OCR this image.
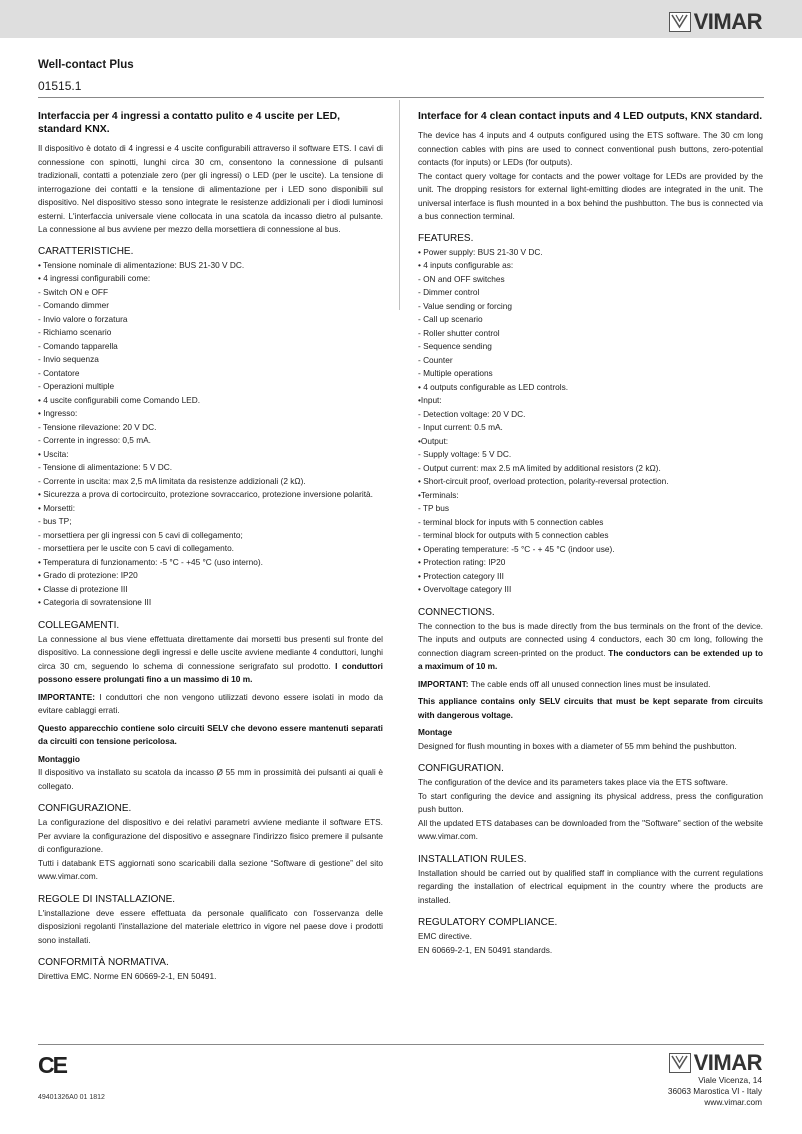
VIMAR
Well-contact Plus
01515.1
Interfaccia per 4 ingressi a contatto pulito e 4 uscite per LED, standard KNX.

Il dispositivo è dotato di 4 ingressi e 4 uscite configurabili attraverso il software ETS. I cavi di connessione con spinotti, lunghi circa 30 cm, consentono la connessione di pulsanti tradizionali, contatti a potenziale zero (per gli ingressi) o LED (per le uscite). La tensione di interrogazione dei contatti e la tensione di alimentazione per i LED sono disponibili sul dispositivo. Nel dispositivo stesso sono integrate le resistenze addizionali per i diodi luminosi esterni. L'interfaccia universale viene collocata in una scatola da incasso dietro al pulsante. La connessione al bus avviene per mezzo della morsettiera di connessione al bus.

CARATTERISTICHE.
• Tensione nominale di alimentazione: BUS 21-30 V DC.
• 4 ingressi configurabili come:
- Switch ON e OFF
- Comando dimmer
- Invio valore o forzatura
- Richiamo scenario
- Comando tapparella
- Invio sequenza
- Contatore
- Operazioni multiple
• 4 uscite configurabili come Comando LED.
• Ingresso:
- Tensione rilevazione: 20 V DC.
- Corrente in ingresso: 0,5 mA.
• Uscita:
- Tensione di alimentazione: 5 V DC.
- Corrente in uscita: max 2,5 mA limitata da resistenze addizionali (2 kΩ).
• Sicurezza a prova di cortocircuito, protezione sovraccarico, protezione inversione polarità.
• Morsetti:
- bus TP;
- morsettiera per gli ingressi con 5 cavi di collegamento;
- morsettiera per le uscite con 5 cavi di collegamento.
• Temperatura di funzionamento: -5 °C - +45 °C (uso interno).
• Grado di protezione: IP20
• Classe di protezione III
• Categoria di sovratensione III
COLLEGAMENTI.

La connessione al bus viene effettuata direttamente dai morsetti bus presenti sul fronte del dispositivo. La connessione degli ingressi e delle uscite avviene mediante 4 conduttori, lunghi circa 30 cm, seguendo lo schema di connessione serigrafato sul prodotto. I conduttori possono essere prolungati fino a un massimo di 10 m.

IMPORTANTE: I conduttori che non vengono utilizzati devono essere isolati in modo da evitare cablaggi errati.

Questo apparecchio contiene solo circuiti SELV che devono essere mantenuti separati da circuiti con tensione pericolosa.

Montaggio

Il dispositivo va installato su scatola da incasso Ø 55 mm in prossimità dei pulsanti ai quali è collegato.

CONFIGURAZIONE.

La configurazione del dispositivo e dei relativi parametri avviene mediante il software ETS. Per avviare la configurazione del dispositivo e assegnare l'indirizzo fisico premere il pulsante di configurazione.

Tutti i databank ETS aggiornati sono scaricabili dalla sezione “Software di gestione” del sito www.vimar.com.

REGOLE DI INSTALLAZIONE.

L'installazione deve essere effettuata da personale qualificato con l'osservanza delle disposizioni regolanti l'installazione del materiale elettrico in vigore nel paese dove i prodotti sono installati.

CONFORMITÀ NORMATIVA.

Direttiva EMC. Norme EN 60669-2-1, EN 50491.

Interface for 4 clean contact inputs and 4 LED outputs, KNX standard.

The device has 4 inputs and 4 outputs configured using the ETS software. The 30 cm long connection cables with pins are used to connect conventional push buttons, zero-potential contacts (for inputs) or LEDs (for outputs).

The contact query voltage for contacts and the power voltage for LEDs are provided by the unit. The dropping resistors for external light-emitting diodes are integrated in the unit. The universal interface is flush mounted in a box behind the pushbutton. The bus is connected via a bus connection terminal.

FEATURES.
• Power supply: BUS 21-30 V DC.
• 4 inputs configurable as:
- ON and OFF switches
- Dimmer control
- Value sending or forcing
- Call up scenario
- Roller shutter control
- Sequence sending
- Counter
- Multiple operations
• 4 outputs configurable as LED controls.
•Input:
- Detection voltage: 20 V DC.
- Input current: 0.5 mA.
•Output:
- Supply voltage: 5 V DC.
- Output current: max 2.5 mA limited by additional resistors (2 kΩ).
• Short-circuit proof, overload protection, polarity-reversal protection.
•Terminals:
- TP bus
- terminal block for inputs with 5 connection cables
- terminal block for outputs with 5 connection cables
• Operating temperature: -5 °C - + 45 °C (indoor use).
• Protection rating: IP20
• Protection category III
• Overvoltage category III
CONNECTIONS.

The connection to the bus is made directly from the bus terminals on the front of the device. The inputs and outputs are connected using 4 conductors, each 30 cm long, following the connection diagram screen-printed on the product. The conductors can be extended up to a maximum of 10 m.

IMPORTANT: The cable ends off all unused connection lines must be insulated.

This appliance contains only SELV circuits that must be kept separate from circuits with dangerous voltage.

Montage

Designed for flush mounting in boxes with a diameter of 55 mm behind the pushbutton.

CONFIGURATION.

The configuration of the device and its parameters takes place via the ETS software.

To start configuring the device and assigning its physical address, press the configuration push button.

All the updated ETS databases can be downloaded from the "Software" section of the website www.vimar.com.

INSTALLATION RULES.

Installation should be carried out by qualified staff in compliance with the current regulations regarding the installation of electrical equipment in the country where the products are installed.

REGULATORY COMPLIANCE.

EMC directive.

EN 60669-2-1, EN 50491 standards.

CE
49401326A0 01 1812
VIMAR
Viale Vicenza, 14
36063 Marostica VI - Italy
www.vimar.com
